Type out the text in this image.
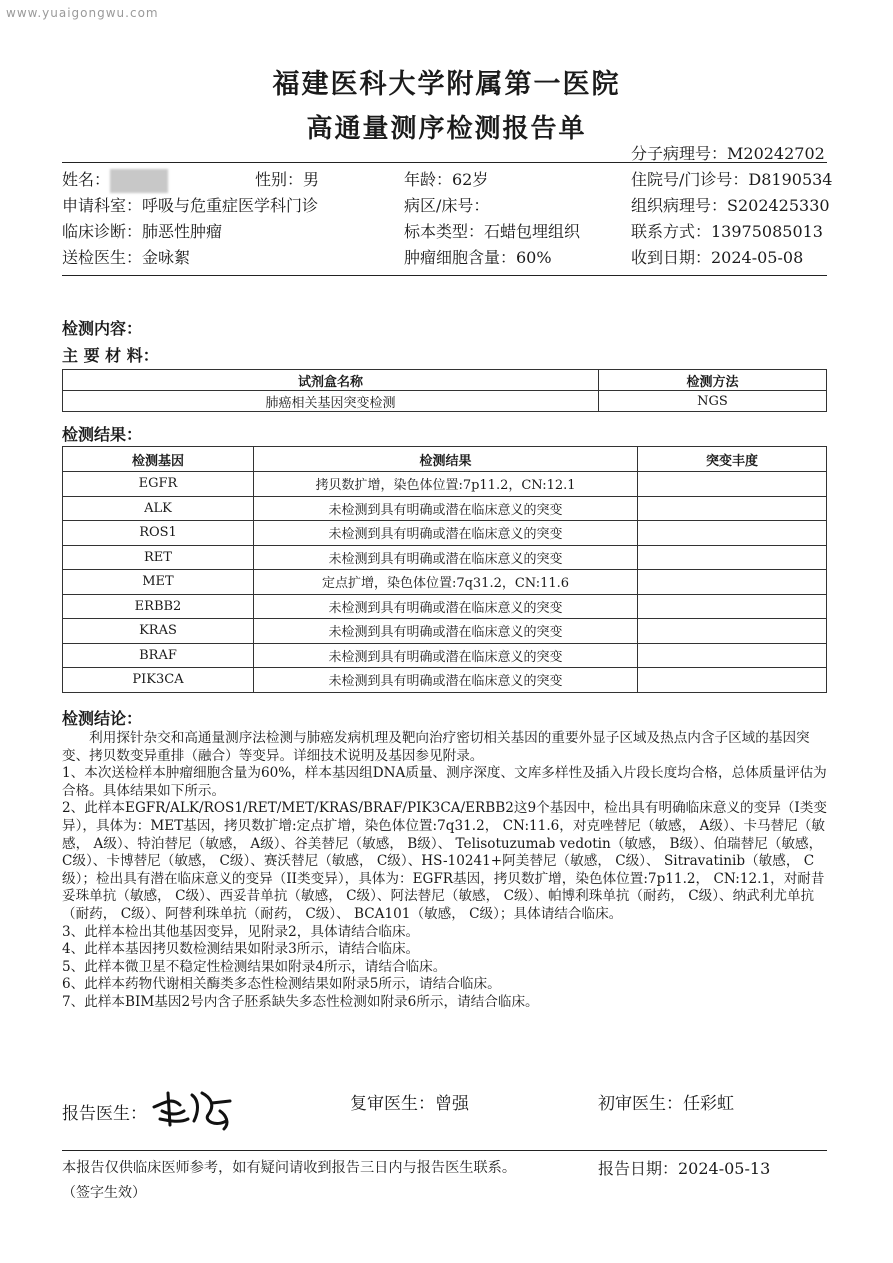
www.yuaigongwu.com
福建医科大学附属第一医院
高通量测序检测报告单
分子病理号：M20242702
姓名：	性别：男	年龄：62岁	住院号/门诊号：D8190534
申请科室：呼吸与危重症医学科门诊	病区/床号：	组织病理号：S202425330
临床诊断：肺恶性肿瘤	标本类型：石蜡包埋组织	联系方式：13975085013
送检医生：金咏絮	肿瘤细胞含量：60%	收到日期：2024-05-08
检测内容：
主 要 材 料：
试剂盒名称	检测方法
肺癌相关基因突变检测	NGS
检测结果：
检测基因	检测结果	突变丰度
EGFR	拷贝数扩增，染色体位置:7p11.2，CN:12.1	
ALK	未检测到具有明确或潜在临床意义的突变	
ROS1	未检测到具有明确或潜在临床意义的突变	
RET	未检测到具有明确或潜在临床意义的突变	
MET	定点扩增，染色体位置:7q31.2，CN:11.6	
ERBB2	未检测到具有明确或潜在临床意义的突变	
KRAS	未检测到具有明确或潜在临床意义的突变	
BRAF	未检测到具有明确或潜在临床意义的突变	
PIK3CA	未检测到具有明确或潜在临床意义的突变	
检测结论：

　　利用探针杂交和高通量测序法检测与肺癌发病机理及靶向治疗密切相关基因的重要外显子区域及热点内含子区域的基因突变、拷贝数变异重排（融合）等变异。详细技术说明及基因参见附录。

1、本次送检样本肿瘤细胞含量为60%，样本基因组DNA质量、测序深度、文库多样性及插入片段长度均合格，总体质量评估为合格。具体结果如下所示。

2、此样本EGFR/ALK/ROS1/RET/MET/KRAS/BRAF/PIK3CA/ERBB2这9个基因中，检出具有明确临床意义的变异（I类变异），具体为：MET基因，拷贝数扩增:定点扩增，染色体位置:7q31.2， CN:11.6，对克唑替尼（敏感， A级）、卡马替尼（敏感， A级）、特泊替尼（敏感， A级）、谷美替尼（敏感， B级）、 Telisotuzumab vedotin（敏感， B级）、伯瑞替尼（敏感， C级）、卡博替尼（敏感， C级）、赛沃替尼（敏感， C级）、HS-10241+阿美替尼（敏感， C级）、 Sitravatinib（敏感， C级）；检出具有潜在临床意义的变异（II类变异），具体为：EGFR基因，拷贝数扩增，染色体位置:7p11.2， CN:12.1，对耐昔妥珠单抗（敏感， C级）、西妥昔单抗（敏感， C级）、阿法替尼（敏感， C级）、帕博利珠单抗（耐药， C级）、纳武利尤单抗（耐药， C级）、阿替利珠单抗（耐药， C级）、 BCA101（敏感， C级）；具体请结合临床。

3、此样本检出其他基因变异，见附录2，具体请结合临床。

4、此样本基因拷贝数检测结果如附录3所示，请结合临床。

5、此样本微卫星不稳定性检测结果如附录4所示，请结合临床。

6、此样本药物代谢相关酶类多态性检测结果如附录5所示，请结合临床。

7、此样本BIM基因2号内含子胚系缺失多态性检测如附录6所示，请结合临床。

报告医生：	复审医生：曾强	初审医生：任彩虹
本报告仅供临床医师参考，如有疑问请收到报告三日内与报告医生联系。	报告日期：2024-05-13
（签字生效）
